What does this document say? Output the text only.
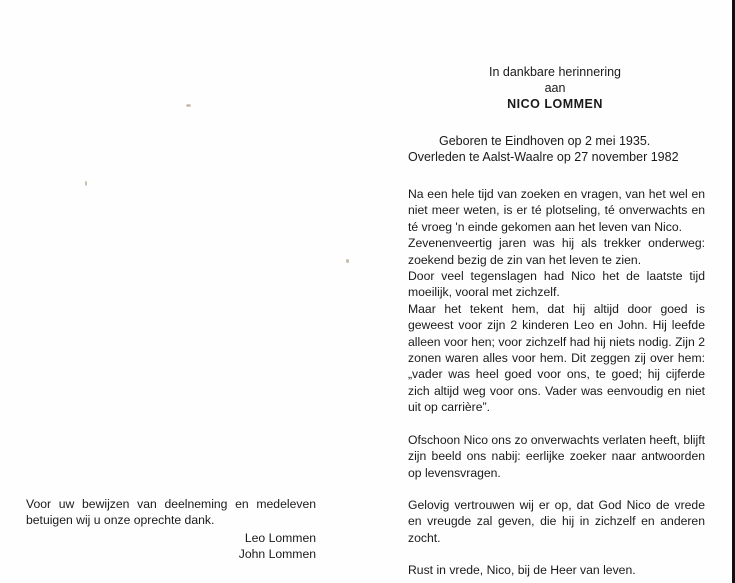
In dankbare herinnering
aan
NICO LOMMEN
Geboren te Eindhoven op 2 mei 1935.
Overleden te Aalst-Waalre op 27 november 1982

Na een hele tijd van zoeken en vragen, van het wel en niet meer weten, is er té plotseling, té onverwachts en té vroeg 'n einde gekomen aan het leven van Nico.

Zevenenveertig jaren was hij als trekker onderweg: zoekend bezig de zin van het leven te zien.

Door veel tegenslagen had Nico het de laatste tijd moeilijk, vooral met zichzelf.

Maar het tekent hem, dat hij altijd door goed is geweest voor zijn 2 kinderen Leo en John. Hij leefde alleen voor hen; voor zichzelf had hij niets nodig. Zijn 2 zonen waren alles voor hem. Dit zeggen zij over hem: „vader was heel goed voor ons, te goed; hij cijferde zich altijd weg voor ons. Vader was eenvoudig en niet uit op carrière”.

Ofschoon Nico ons zo onverwachts verlaten heeft, blijft zijn beeld ons nabij: eerlijke zoeker naar antwoorden op levensvragen.

Gelovig vertrouwen wij er op, dat God Nico de vrede en vreugde zal geven, die hij in zichzelf en anderen zocht.

Rust in vrede, Nico, bij de Heer van leven.

Voor uw bewijzen van deelneming en medeleven betuigen wij u onze oprechte dank.
Leo Lommen
John Lommen
